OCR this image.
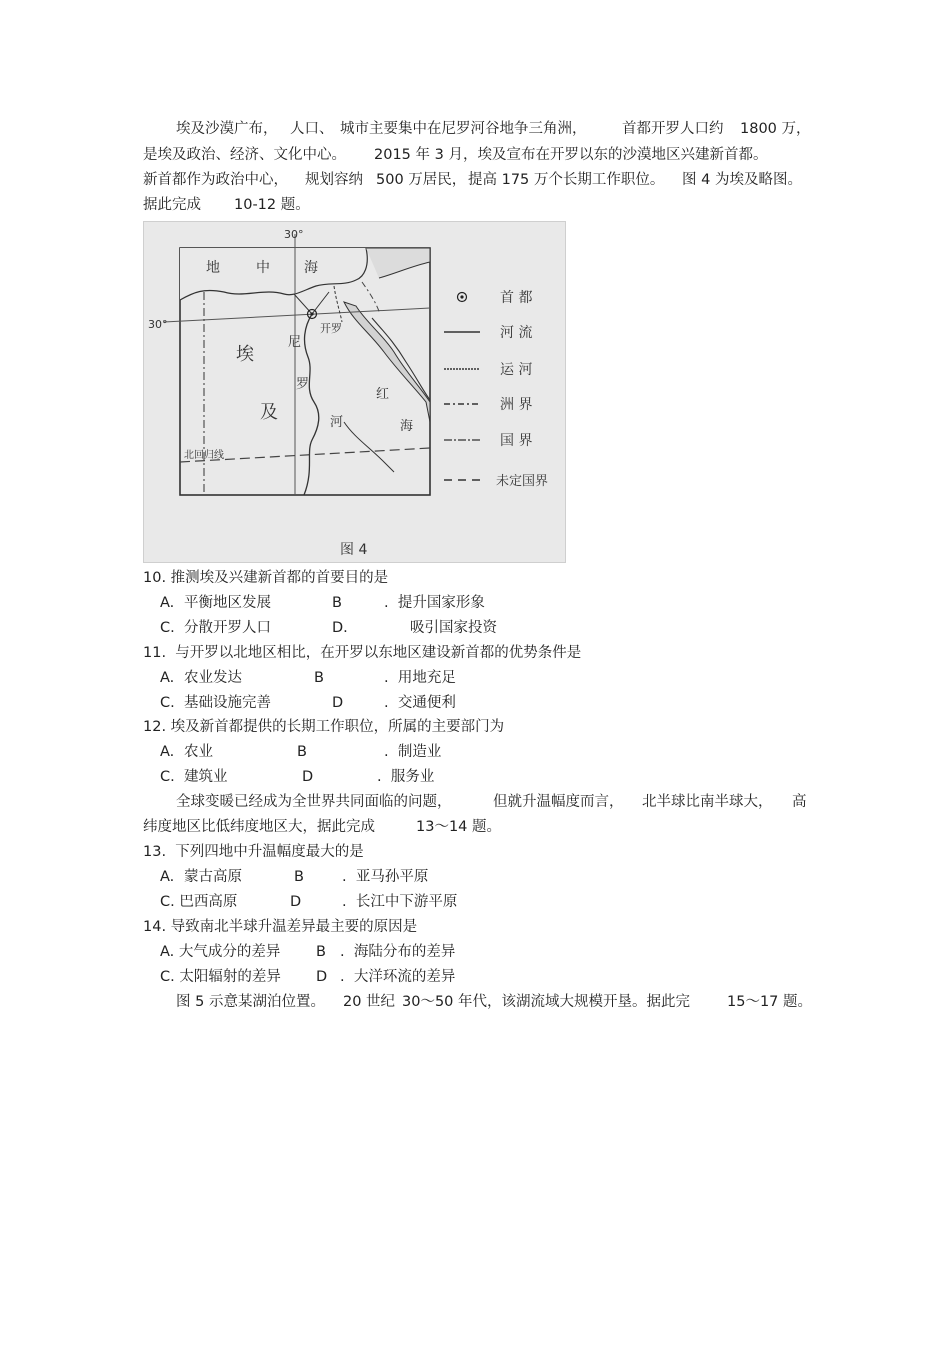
埃及沙漠广布， 人口、 城市主要集中在尼罗河谷地争三角洲， 首都开罗人口约 1800 万，
是埃及政治、经济、文化中心。 2015 年 3 月，埃及宣布在开罗以东的沙漠地区兴建新首都。
新首都作为政治中心， 规划容纳 500 万居民， 提高 175 万个长期工作职位。 图 4 为埃及略图。
据此完成 10-12 题。
30°
30°
地	中 海
开罗
埃
及
尼
罗
河
红
海
北回归线
首 都
河 流
运 河
洲 界
国 界
未定国界
图 4
10. 推测埃及兴建新首都的首要目的是
A. 平衡地区发展	B	.  提升国家形象
C. 分散开罗人口	D.	吸引国家投资
11.  与开罗以北地区相比，在开罗以东地区建设新首都的优势条件是
A. 农业发达	B	.  用地充足
C. 基础设施完善	D	.  交通便利
12. 埃及新首都提供的长期工作职位，所属的主要部门为
A. 农业	B	.  制造业
C. 建筑业	D	.  服务业
全球变暖已经成为全世界共同面临的问题，	但就升温幅度而言， 北半球比南半球大， 高
纬度地区比低纬度地区大，据此完成	13～14 题。
13.  下列四地中升温幅度最大的是
A. 蒙古高原	B	.  亚马孙平原
C. 巴西高原	D	.  长江中下游平原
14. 导致南北半球升温差异最主要的原因是
A. 大气成分的差异 B .  海陆分布的差异
C. 太阳辐射的差异 D .  大洋环流的差异
图 5 示意某湖泊位置。 20 世纪 30～50 年代，该湖流域大规模开垦。据此完	15～17 题。
